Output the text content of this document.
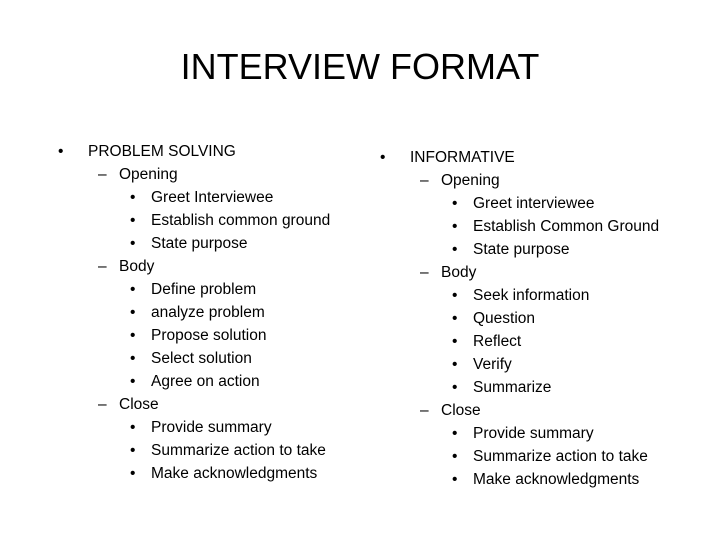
INTERVIEW FORMAT
• PROBLEM SOLVING
– Opening
• Greet Interviewee
• Establish common ground
• State purpose
– Body
• Define problem
• analyze problem
• Propose solution
• Select solution
• Agree on action
– Close
• Provide summary
• Summarize action to take
• Make acknowledgments
• INFORMATIVE
– Opening
• Greet interviewee
• Establish Common Ground
• State purpose
– Body
• Seek information
• Question
• Reflect
• Verify
• Summarize
– Close
• Provide summary
• Summarize action to take
• Make acknowledgments
